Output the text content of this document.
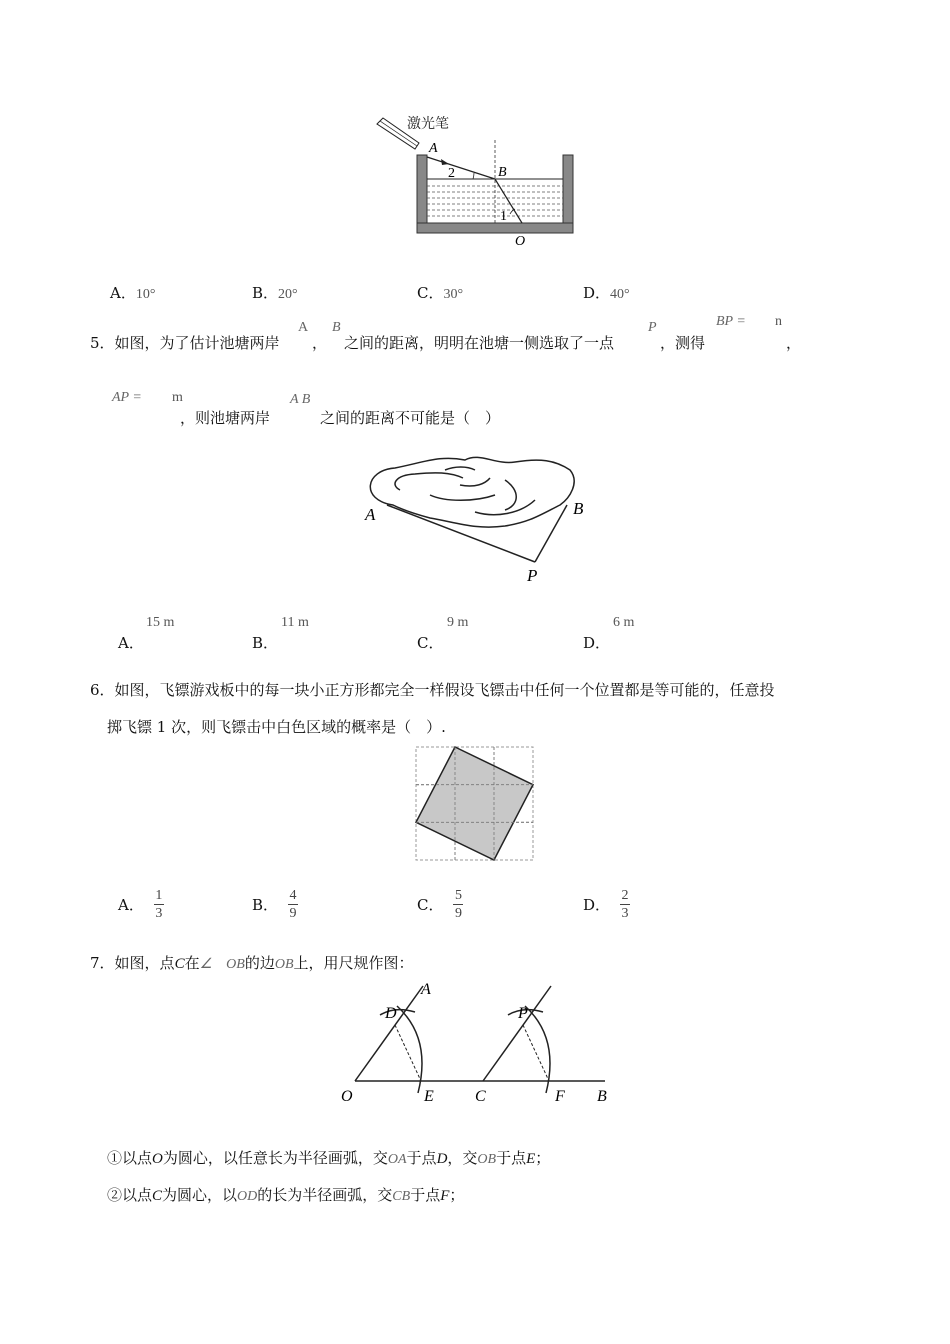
激光笔
A
2	B
1
O
A．10°	B．20°	C．30°	D．40°
5．如图，为了估计池塘两岸
A
，
B
之间的距离，明明在池塘一侧选取了一点
P
，测得
BP = n
，
AP = m
，则池塘两岸
A B
之间的距离不可能是（　）
A	B
P
A．
15 m
B．
11 m
C．
9 m
D．
6 m
6．如图，飞镖游戏板中的每一块小正方形都完全一样假设飞镖击中任何一个位置都是等可能的，任意投
掷飞镖 1 次，则飞镖击中白色区域的概率是（　）.
A． $\frac{1}{3}$	B． $\frac{4}{9}$	C． $\frac{5}{9}$	D． $\frac{2}{3}$
7．如图，点C在∠　ОB的边OB上，用尺规作图：
D
A
P
O	E	C	F B
①以点O为圆心，以任意长为半径画弧，交OA于点D，交OB于点E；
②以点C为圆心，以OD的长为半径画弧，交CB于点F；
